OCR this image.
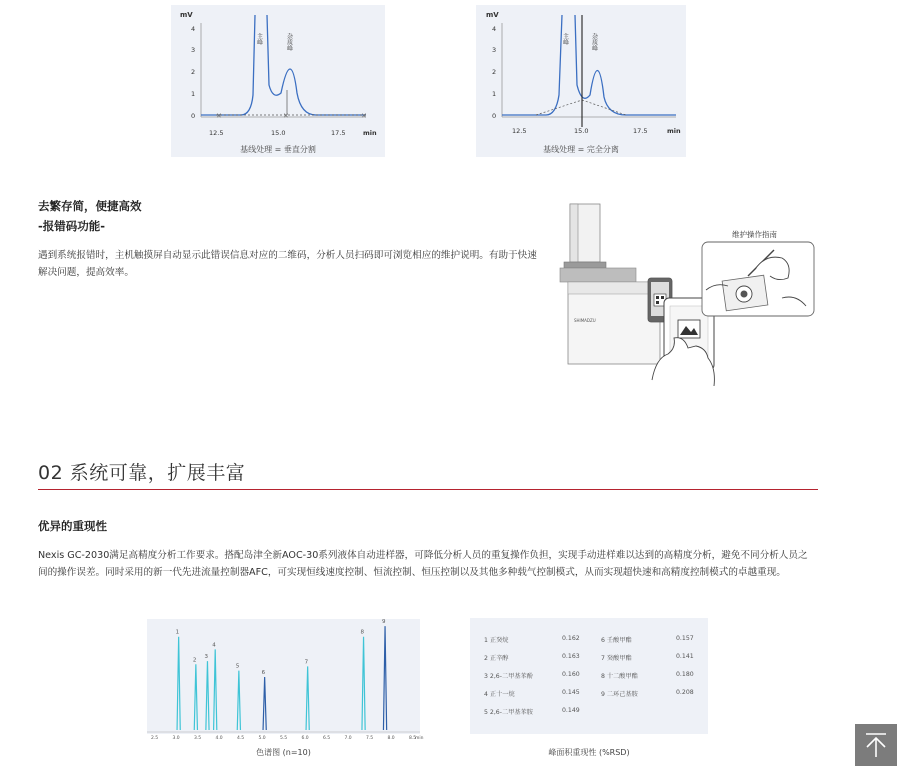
mV
4
3
2
1
0	✕	✕	✕
主峰	杂质峰
12.5	15.0	17.5	min
基线处理 = 垂直分割
mV
4
3
2
1
0
主峰	杂质峰
12.5	15.0	17.5	min
基线处理 = 完全分离
去繁存简，便捷高效
-报错码功能-
遇到系统报错时，主机触摸屏自动显示此错误信息对应的二维码，分析人员扫码即可浏览相应的维护说明。有助于快速解决问题，提高效率。
SHIMADZU
维护操作指南
02 系统可靠，扩展丰富
优异的重现性
Nexis GC-2030满足高精度分析工作要求。搭配岛津全新AOC-30系列液体自动进样器，可降低分析人员的重复操作负担，实现手动进样难以达到的高精度分析，避免不同分析人员之间的操作误差。同时采用的新一代先进流量控制器AFC，可实现恒线速度控制、恒流控制、恒压控制以及其他多种载气控制模式，从而实现超快速和高精度控制模式的卓越重现。
1
2
3
4
5
6
7
8
9
2.5	3.0	3.5	4.0	4.5	5.0	5.5	6.0	6.5	7.0	7.5	8.0	8.5
min
色谱图 (n=10)
1 正癸烷	0.162
2 正辛醇	0.163
3 2,6-二甲基苯酚	0.160
4 正十一烷	0.145
5 2,6-二甲基苯胺	0.149
6 壬酸甲酯	0.157
7 癸酸甲酯	0.141
8 十二酸甲酯	0.180
9 二环己基胺	0.208
峰面积重现性 (%RSD)
